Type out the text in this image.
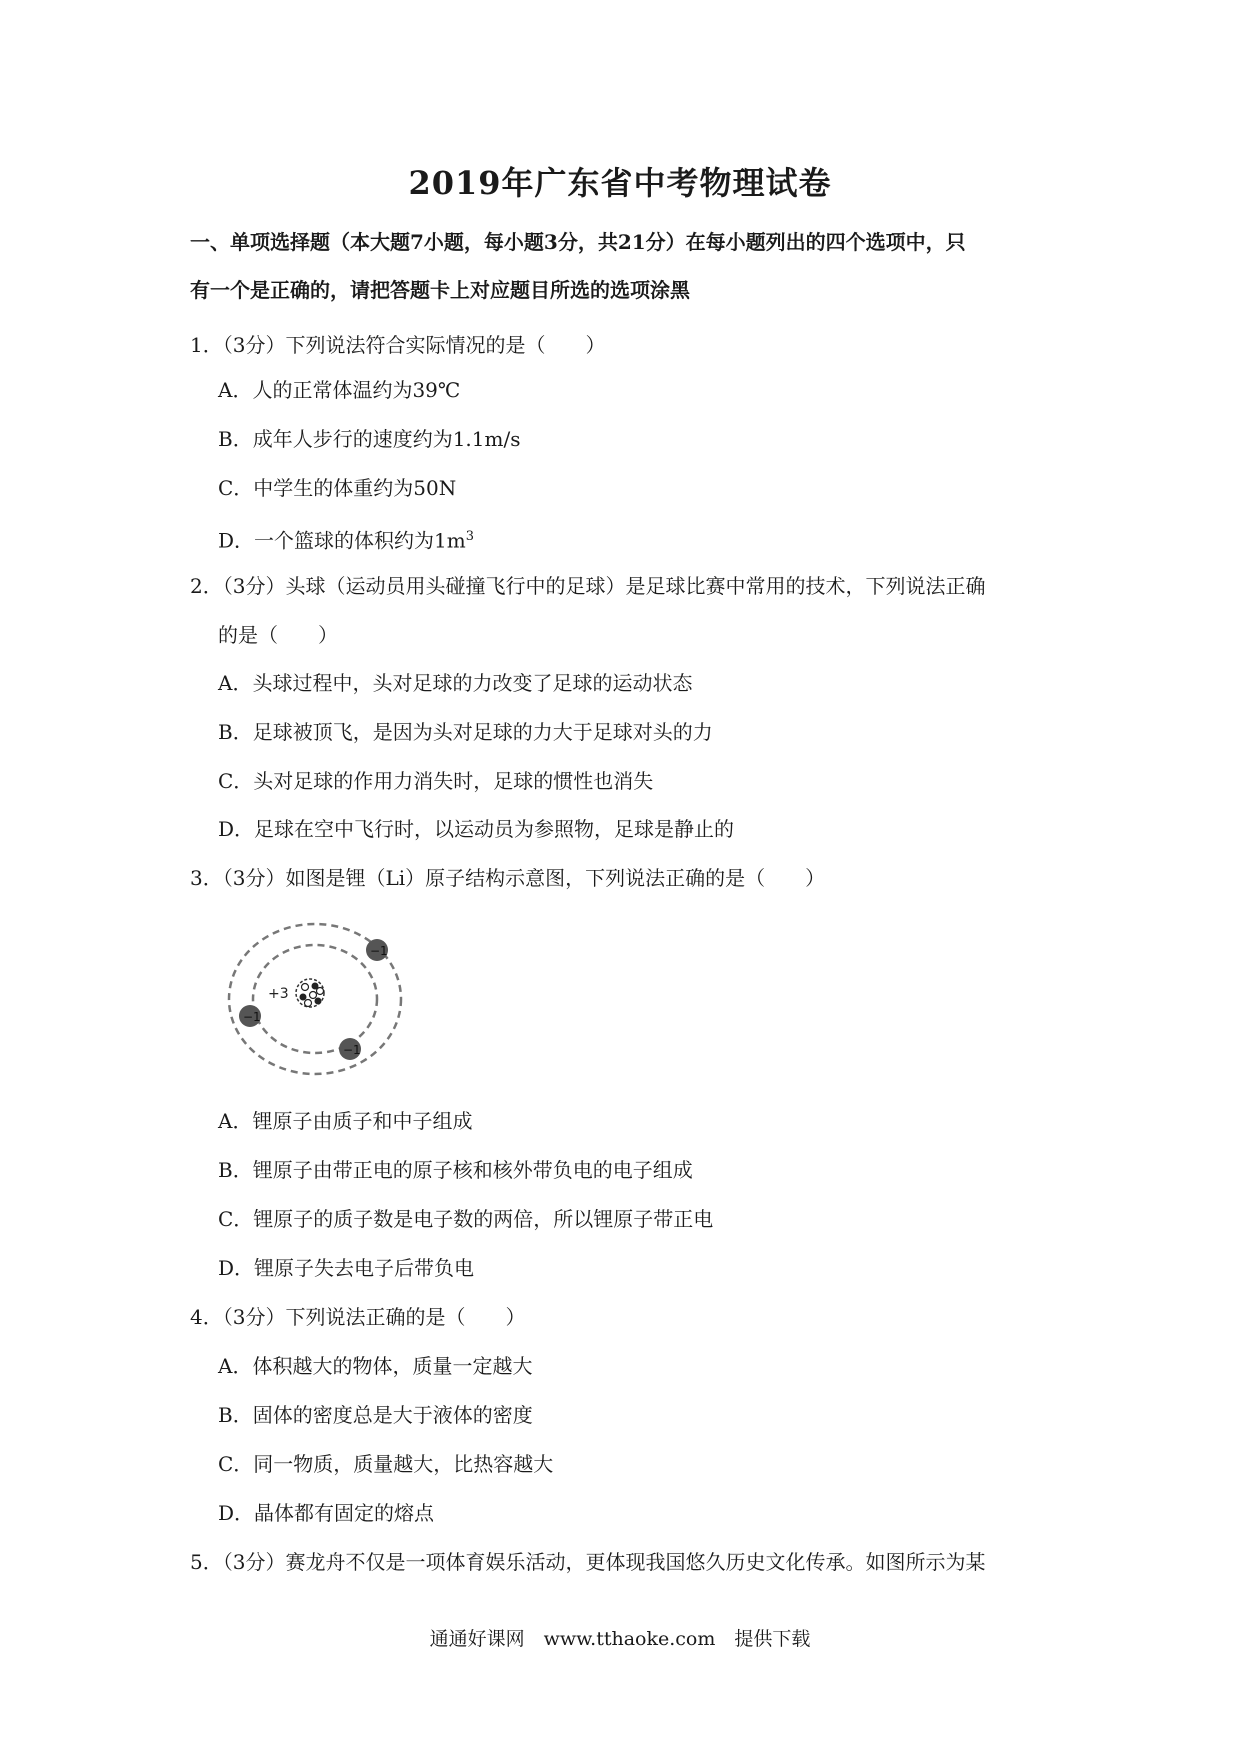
2019年广东省中考物理试卷
一、单项选择题（本大题7小题，每小题3分，共21分）在每小题列出的四个选项中，只
有一个是正确的，请把答题卡上对应题目所选的选项涂黑
1．（3分）下列说法符合实际情况的是（　　）
A．人的正常体温约为39℃
B．成年人步行的速度约为1.1m/s
C．中学生的体重约为50N
D．一个篮球的体积约为$1m^3$
2．（3分）头球（运动员用头碰撞飞行中的足球）是足球比赛中常用的技术，下列说法正确
的是（　　）
A．头球过程中，头对足球的力改变了足球的运动状态
B．足球被顶飞，是因为头对足球的力大于足球对头的力
C．头对足球的作用力消失时，足球的惯性也消失
D．足球在空中飞行时，以运动员为参照物，足球是静止的
3．（3分）如图是锂（Li）原子结构示意图，下列说法正确的是（　　）
+3
−1
−1
−1
A．锂原子由质子和中子组成
B．锂原子由带正电的原子核和核外带负电的电子组成
C．锂原子的质子数是电子数的两倍，所以锂原子带正电
D．锂原子失去电子后带负电
4．（3分）下列说法正确的是（　　）
A．体积越大的物体，质量一定越大
B．固体的密度总是大于液体的密度
C．同一物质，质量越大，比热容越大
D．晶体都有固定的熔点
5．（3分）赛龙舟不仅是一项体育娱乐活动，更体现我国悠久历史文化传承。如图所示为某
通通好课网　www.tthaoke.com　提供下载
